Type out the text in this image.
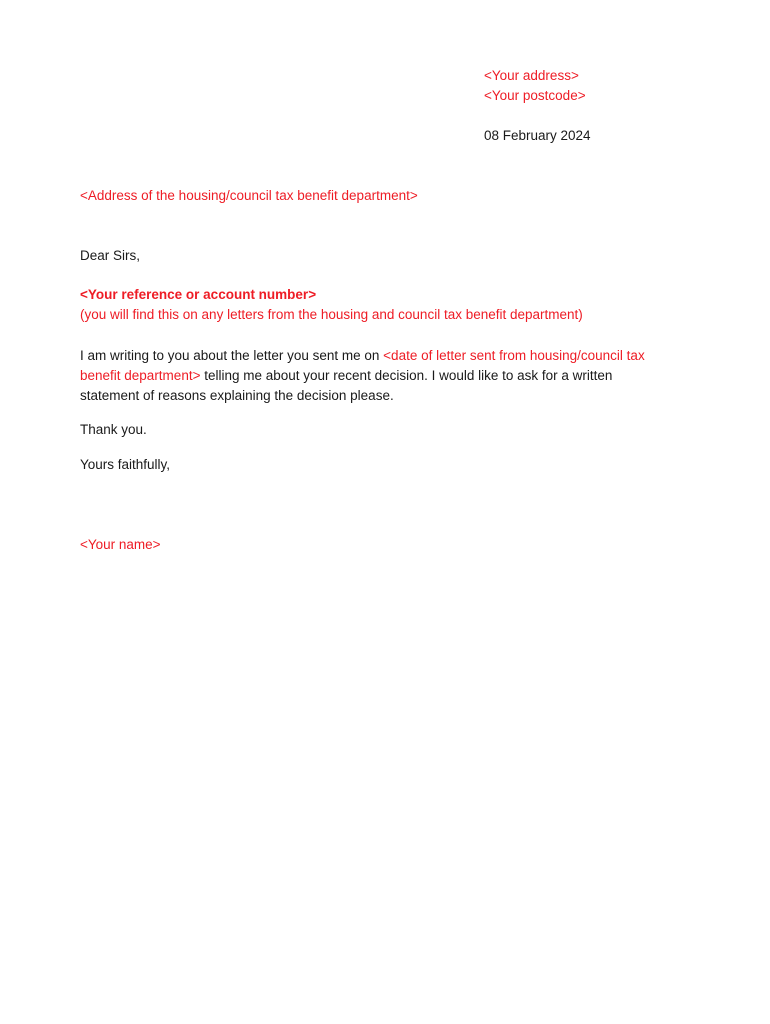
<Your address>
<Your postcode>
08 February 2024
<Address of the housing/council tax benefit department>
Dear Sirs,
<Your reference or account number>
(you will find this on any letters from the housing and council tax benefit department)
I am writing to you about the letter you sent me on <date of letter sent from housing/council tax benefit department> telling me about your recent decision. I would like to ask for a written statement of reasons explaining the decision please.
Thank you.
Yours faithfully,
<Your name>
